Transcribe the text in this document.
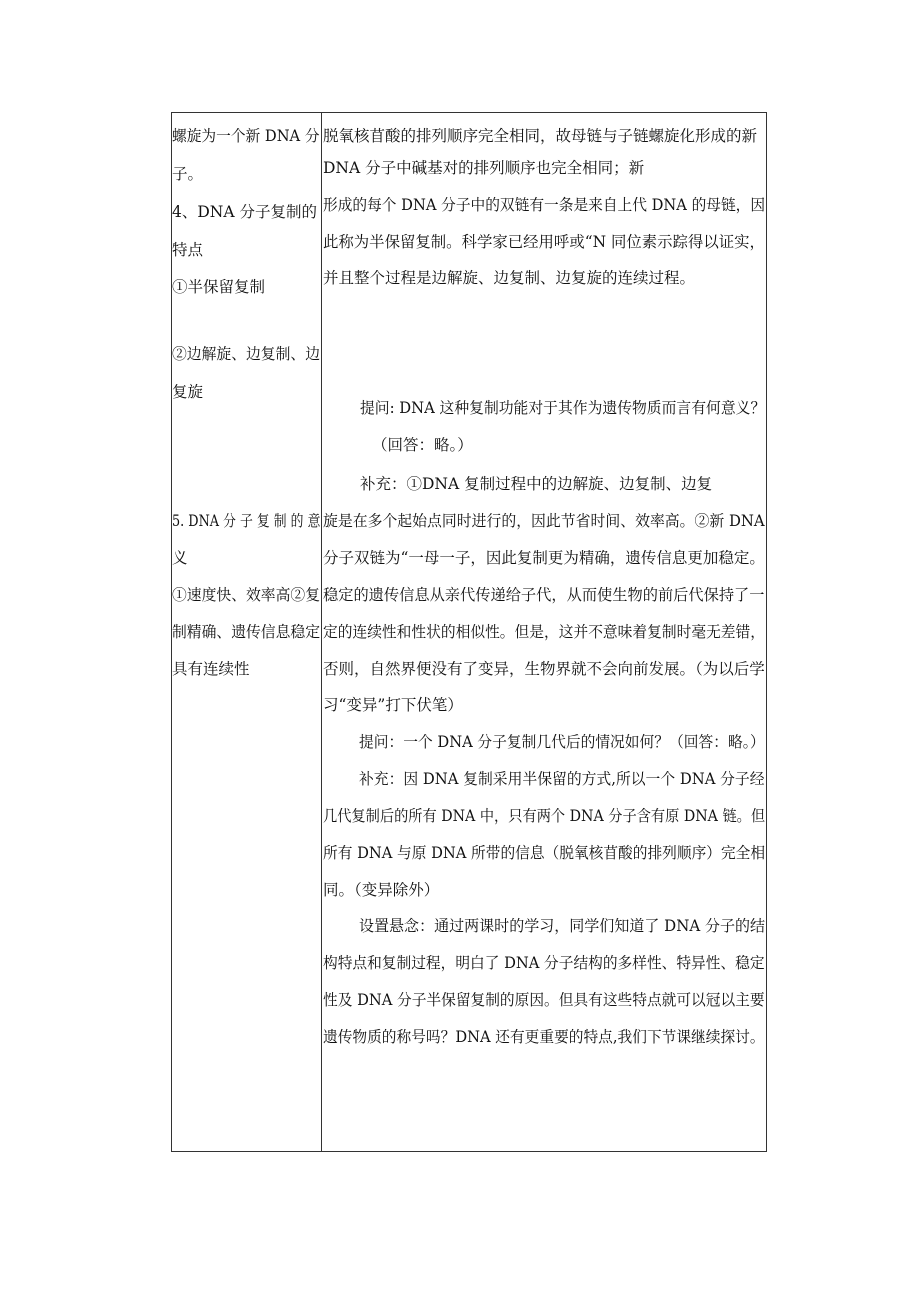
螺旋为一个新 DNA 分
子。
4、DNA 分子复制的
特点
①半保留复制
②边解旋、边复制、边
复旋
5. DNA 分 子 复 制 的 意
义
①速度快、效率高②复
制精确、遗传信息稳定
具有连续性
脱氧核苜酸的排列顺序完全相同，故母链与子链螺旋化形成的新
DNA 分子中碱基对的排列顺序也完全相同；新
形成的每个 DNA 分子中的双链有一条是来自上代 DNA 的母链，因
此称为半保留复制。科学家已经用呼或“N 同位素示踪得以证实，
并且整个过程是边解旋、边复制、边复旋的连续过程。
提问: DNA 这种复制功能对于其作为遗传物质而言有何意义？
（回答：略。）
补充：①DNA 复制过程中的边解旋、边复制、边复
旋是在多个起始点同时进行的，因此节省时间、效率高。②新 DNA
分子双链为“一母一子，因此复制更为精确，遗传信息更加稳定。
稳定的遗传信息从亲代传递给子代，从而使生物的前后代保持了一
定的连续性和性状的相似性。但是，这并不意味着复制时毫无差错，
否则，自然界便没有了变异，生物界就不会向前发展。（为以后学
习“变异”打下伏笔）
提问：一个 DNA 分子复制几代后的情况如何？（回答：略。）
补充：因 DNA 复制采用半保留的方式,所以一个 DNA 分子经
几代复制后的所有 DNA 中，只有两个 DNA 分子含有原 DNA 链。但
所有 DNA 与原 DNA 所带的信息（脱氧核苜酸的排列顺序）完全相
同。（变异除外）
设置悬念：通过两课时的学习，同学们知道了 DNA 分子的结
构特点和复制过程，明白了 DNA 分子结构的多样性、特异性、稳定
性及 DNA 分子半保留复制的原因。但具有这些特点就可以冠以主要
遗传物质的称号吗？DNA 还有更重要的特点,我们下节课继续探讨。
